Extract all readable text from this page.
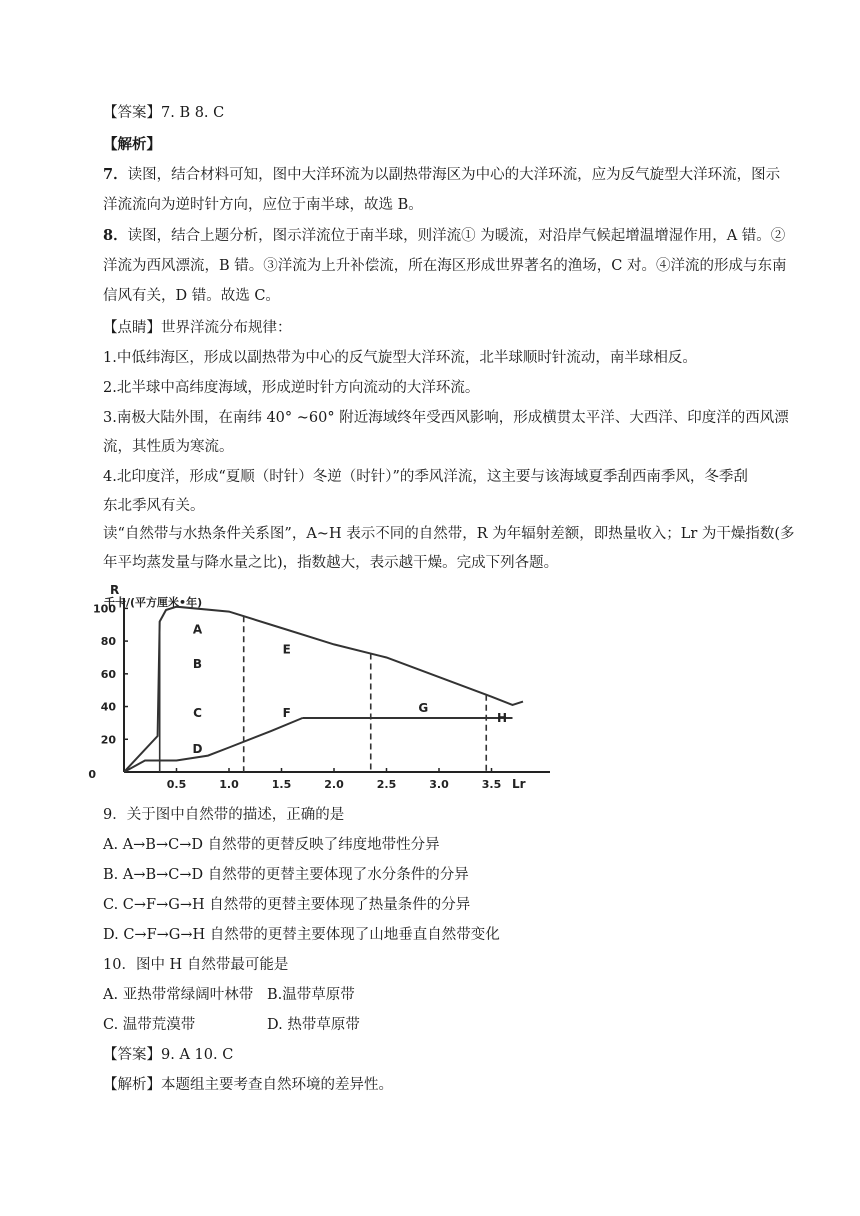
【答案】7. B 8. C
【解析】
7．读图，结合材料可知，图中大洋环流为以副热带海区为中心的大洋环流，应为反气旋型大洋环流，图示
洋流流向为逆时针方向，应位于南半球，故选 B。
8．读图，结合上题分析，图示洋流位于南半球，则洋流① 为暖流，对沿岸气候起增温增湿作用，A 错。②
洋流为西风漂流，B 错。③洋流为上升补偿流，所在海区形成世界著名的渔场，C 对。④洋流的形成与东南
信风有关，D 错。故选 C。
【点睛】世界洋流分布规律：
1.中低纬海区，形成以副热带为中心的反气旋型大洋环流，北半球顺时针流动，南半球相反。
2.北半球中高纬度海域，形成逆时针方向流动的大洋环流。
3.南极大陆外围，在南纬 40° ~60° 附近海域终年受西风影响，形成横贯太平洋、大西洋、印度洋的西风漂
流，其性质为寒流。
4.北印度洋，形成“夏顺（时针）冬逆（时针）”的季风洋流，这主要与该海域夏季刮西南季风，冬季刮
东北季风有关。
读“自然带与水热条件关系图”，A~H 表示不同的自然带，R 为年辐射差额，即热量收入；Lr 为干燥指数(多
年平均蒸发量与降水量之比)，指数越大，表示越干燥。完成下列各题。
0.5	1.0	1.5	2.0	2.5	3.0	3.5
0
20
40
60
80
100
A
B
C
D
E
F	G
H
R
千卡/(平方厘米•年)
Lr
9．关于图中自然带的描述，正确的是
A. A→B→C→D 自然带的更替反映了纬度地带性分异
B. A→B→C→D 自然带的更替主要体现了水分条件的分异
C. C→F→G→H 自然带的更替主要体现了热量条件的分异
D. C→F→G→H 自然带的更替主要体现了山地垂直自然带变化
10．图中 H 自然带最可能是
A. 亚热带常绿阔叶林带 B.温带草原带
C. 温带荒漠带	D. 热带草原带
【答案】9. A 10. C
【解析】本题组主要考查自然环境的差异性。
